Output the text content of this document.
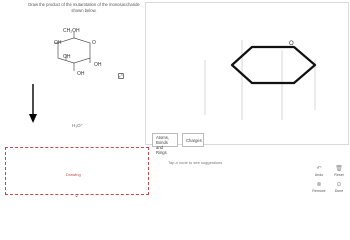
Draw the product of the mutarotation of the monosaccharide
shown below.
CH₂OH
O
OH
OH
OH
OH	⤢
H₃O⁺
Drawing
⌄
O
Atoms, Bonds and Rings
Charges
Tap a node to see suggestions
↶
Undo
🗑
Reset
⊗
Remove
⊙
Done
